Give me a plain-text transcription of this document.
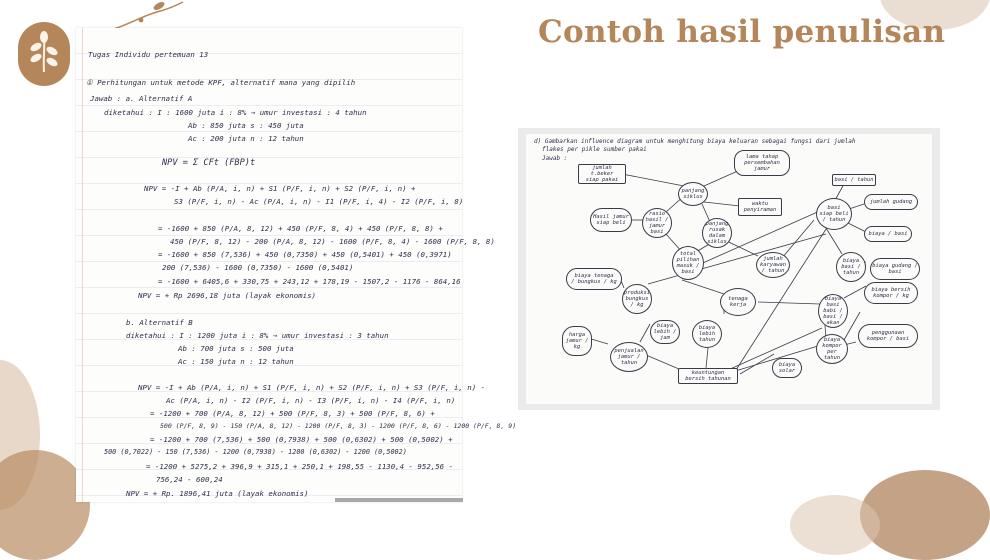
Contoh hasil penulisan
Tugas Individu pertemuan 13
① Perhitungan untuk metode KPF, alternatif mana yang dipilih
Jawab : a. Alternatif A
diketahui : I : 1600 juta i : 8% → umur investasi : 4 tahun
Ab : 850 juta s : 450 juta
Ac : 200 juta n : 12 tahun
NPV = Σ CFt (FBP)t
NPV = -I + Ab (P/A, i, n) + S1 (P/F, i, n) + S2 (P/F, i, n) +
S3 (P/F, i, n) - Ac (P/A, i, n) - I1 (P/F, i, 4) - I2 (P/F, i, 8)
= -1600 + 850 (P/A, 8, 12) + 450 (P/F, 8, 4) + 450 (P/F, 8, 8) +
450 (P/F, 8, 12) - 200 (P/A, 8, 12) - 1600 (P/F, 8, 4) - 1600 (P/F, 8, 8)
= -1600 + 850 (7,536) + 450 (0,7350) + 450 (0,5401) + 450 (0,3971)
200 (7,536) - 1600 (0,7350) - 1600 (0,5401)
= -1600 + 6405,6 + 330,75 + 243,12 + 178,19 - 1507,2 - 1176 - 864,16
NPV = + Rp 2696,18 juta (layak ekonomis)
b. Alternatif B
diketahui : I : 1200 juta i : 8% → umur investasi : 3 tahun
Ab : 700 juta s : 500 juta
Ac : 150 juta n : 12 tahun
NPV = -I + Ab (P/A, i, n) + S1 (P/F, i, n) + S2 (P/F, i, n) + S3 (P/F, i, n) -
Ac (P/A, i, n) - I2 (P/F, i, n) - I3 (P/F, i, n) - I4 (P/F, i, n)
= -1200 + 700 (P/A, 8, 12) + 500 (P/F, 8, 3) + 500 (P/F, 8, 6) +
500 (P/F, 8, 9) - 150 (P/A, 8, 12) - 1200 (P/F, 8, 3) - 1200 (P/F, 8, 6) - 1200 (P/F, 8, 9)
= -1200 + 700 (7,536) + 500 (0,7938) + 500 (0,6302) + 500 (0,5002) +
500 (0,7022) - 150 (7,536) - 1200 (0,7938) - 1200 (0,6302) - 1200 (0,5002)
= -1200 + 5275,2 + 396,9 + 315,1 + 250,1 + 198,55 - 1130,4 - 952,56 -
756,24 - 600,24
NPV = + Rp. 1896,41 juta (layak ekonomis)
d) Gambarkan influence diagram untuk menghitung biaya keluaran sebagai fungsi dari jumlah
flakes per pikle sumber pakai
Jawab :
jumlah t.beker
siap pakai
lama tahap
persembahan
jamur
panjang
siklus
waktu
penyiraman
Hasil jamur
siap beli
rasio
hasil /
jamur
basi
panjang
rusak
dalam
siklus
total
pilihan
masuk /
basi
jumlah
karyawan
/ tahun
basi / tahun
basi
siap beli
/ tahun
jumlah gudang
biaya / basi
biaya
basi /
tahun
biaya gudang /
basi
biaya tenaga
/ bungkus / kg
produksi
bungkus
/ kg
tenaga
kerja
biaya basi
babi /
basi / akan
biaya bersih
kompor / kg
harga
jamur /
kg
penjualan
jamur /
tahun
biaya
lebih /
jam
biaya
lebih
tahun	biaya
kompor
per tahun
penggunaan
kompor / basi
keuntungan
bersih tahunan
biaya
solar
